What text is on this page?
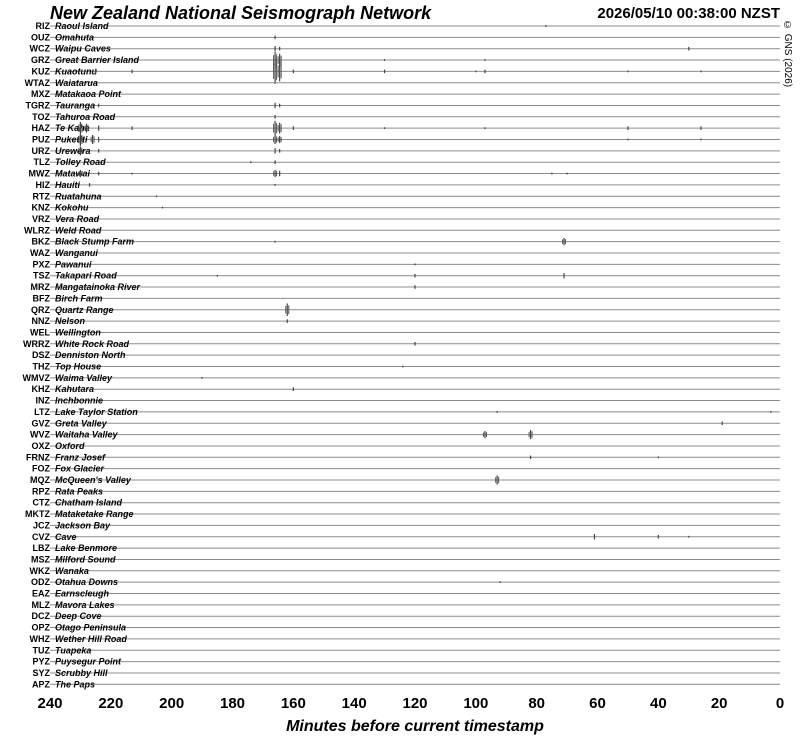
RIZ Raoul Island
OUZ Omahuta
WCZ Waipu Caves
GRZ Great Barrier Island
KUZ Kuaotunu
WTAZ Waiatarua
MXZ Matakaoa Point
TGRZ Tauranga
TOZ Tahuroa Road
HAZ Te Kaha
PUZ Puketiti
URZ Urewera
TLZ Tolley Road
MWZ Matawai
HIZ Hauiti
RTZ Ruatahuna
KNZ Kokohu
VRZ Vera Road
WLRZ Weld Road
BKZ Black Stump Farm
WAZ Wanganui
PXZ Pawanui
TSZ Takapari Road
MRZ Mangatainoka River
BFZ Birch Farm
QRZ Quartz Range
NNZ Nelson
WEL Wellington
WRRZ White Rock Road
DSZ Denniston North
THZ Top House
WMVZ Waima Valley
KHZ Kahutara
INZ Inchbonnie
LTZ Lake Taylor Station
GVZ Greta Valley
WVZ Waitaha Valley
OXZ Oxford
FRNZ Franz Josef
FOZ Fox Glacier
MQZ McQueen's Valley
RPZ Rata Peaks
CTZ Chatham Island
MKTZ Mataketake Range
JCZ Jackson Bay
CVZ Cave
LBZ Lake Benmore
MSZ Milford Sound
WKZ Wanaka
ODZ Otahua Downs
EAZ Earnscleugh
MLZ Mavora Lakes
DCZ Deep Cove
OPZ Otago Peninsula
WHZ Wether Hill Road
TUZ Tuapeka
PYZ Puysegur Point
SYZ Scrubby Hill
APZ The Paps
240 220 200 180 160 140 120 100	80	60	40	20	0
New Zealand National Seismograph Network	2026/05/10 00:38:00 NZST
© GNS (2026)
Minutes before current timestamp
